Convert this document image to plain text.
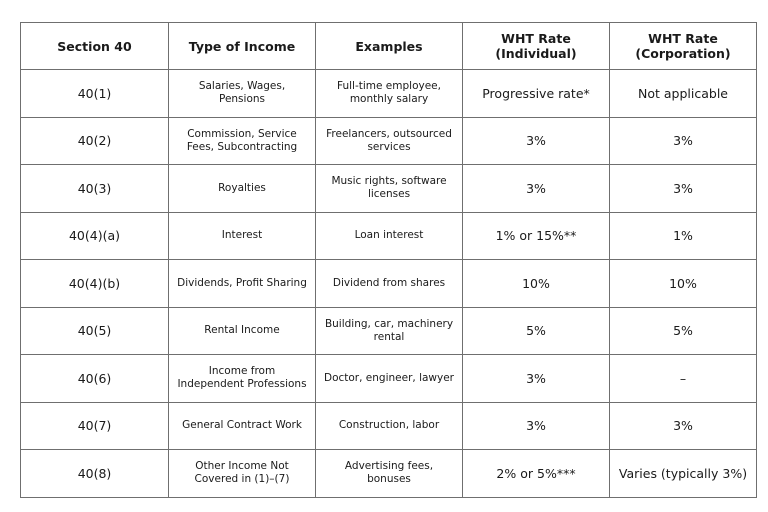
Section 40	Type of Income	Examples	WHT Rate (Individual)	WHT Rate (Corporation)
40(1)	Salaries, Wages, Pensions	Full-time employee, monthly salary	Progressive rate*	Not applicable
40(2)	Commission, Service Fees, Subcontracting	Freelancers, outsourced services	3%	3%
40(3)	Royalties	Music rights, software licenses	3%	3%
40(4)(a)	Interest	Loan interest	1% or 15%**	1%
40(4)(b)	Dividends, Profit Sharing	Dividend from shares	10%	10%
40(5)	Rental Income	Building, car, machinery rental	5%	5%
40(6)	Income from Independent Professions	Doctor, engineer, lawyer	3%	–
40(7)	General Contract Work	Construction, labor	3%	3%
40(8)	Other Income Not Covered in (1)–(7)	Advertising fees, bonuses	2% or 5%***	Varies (typically 3%)
